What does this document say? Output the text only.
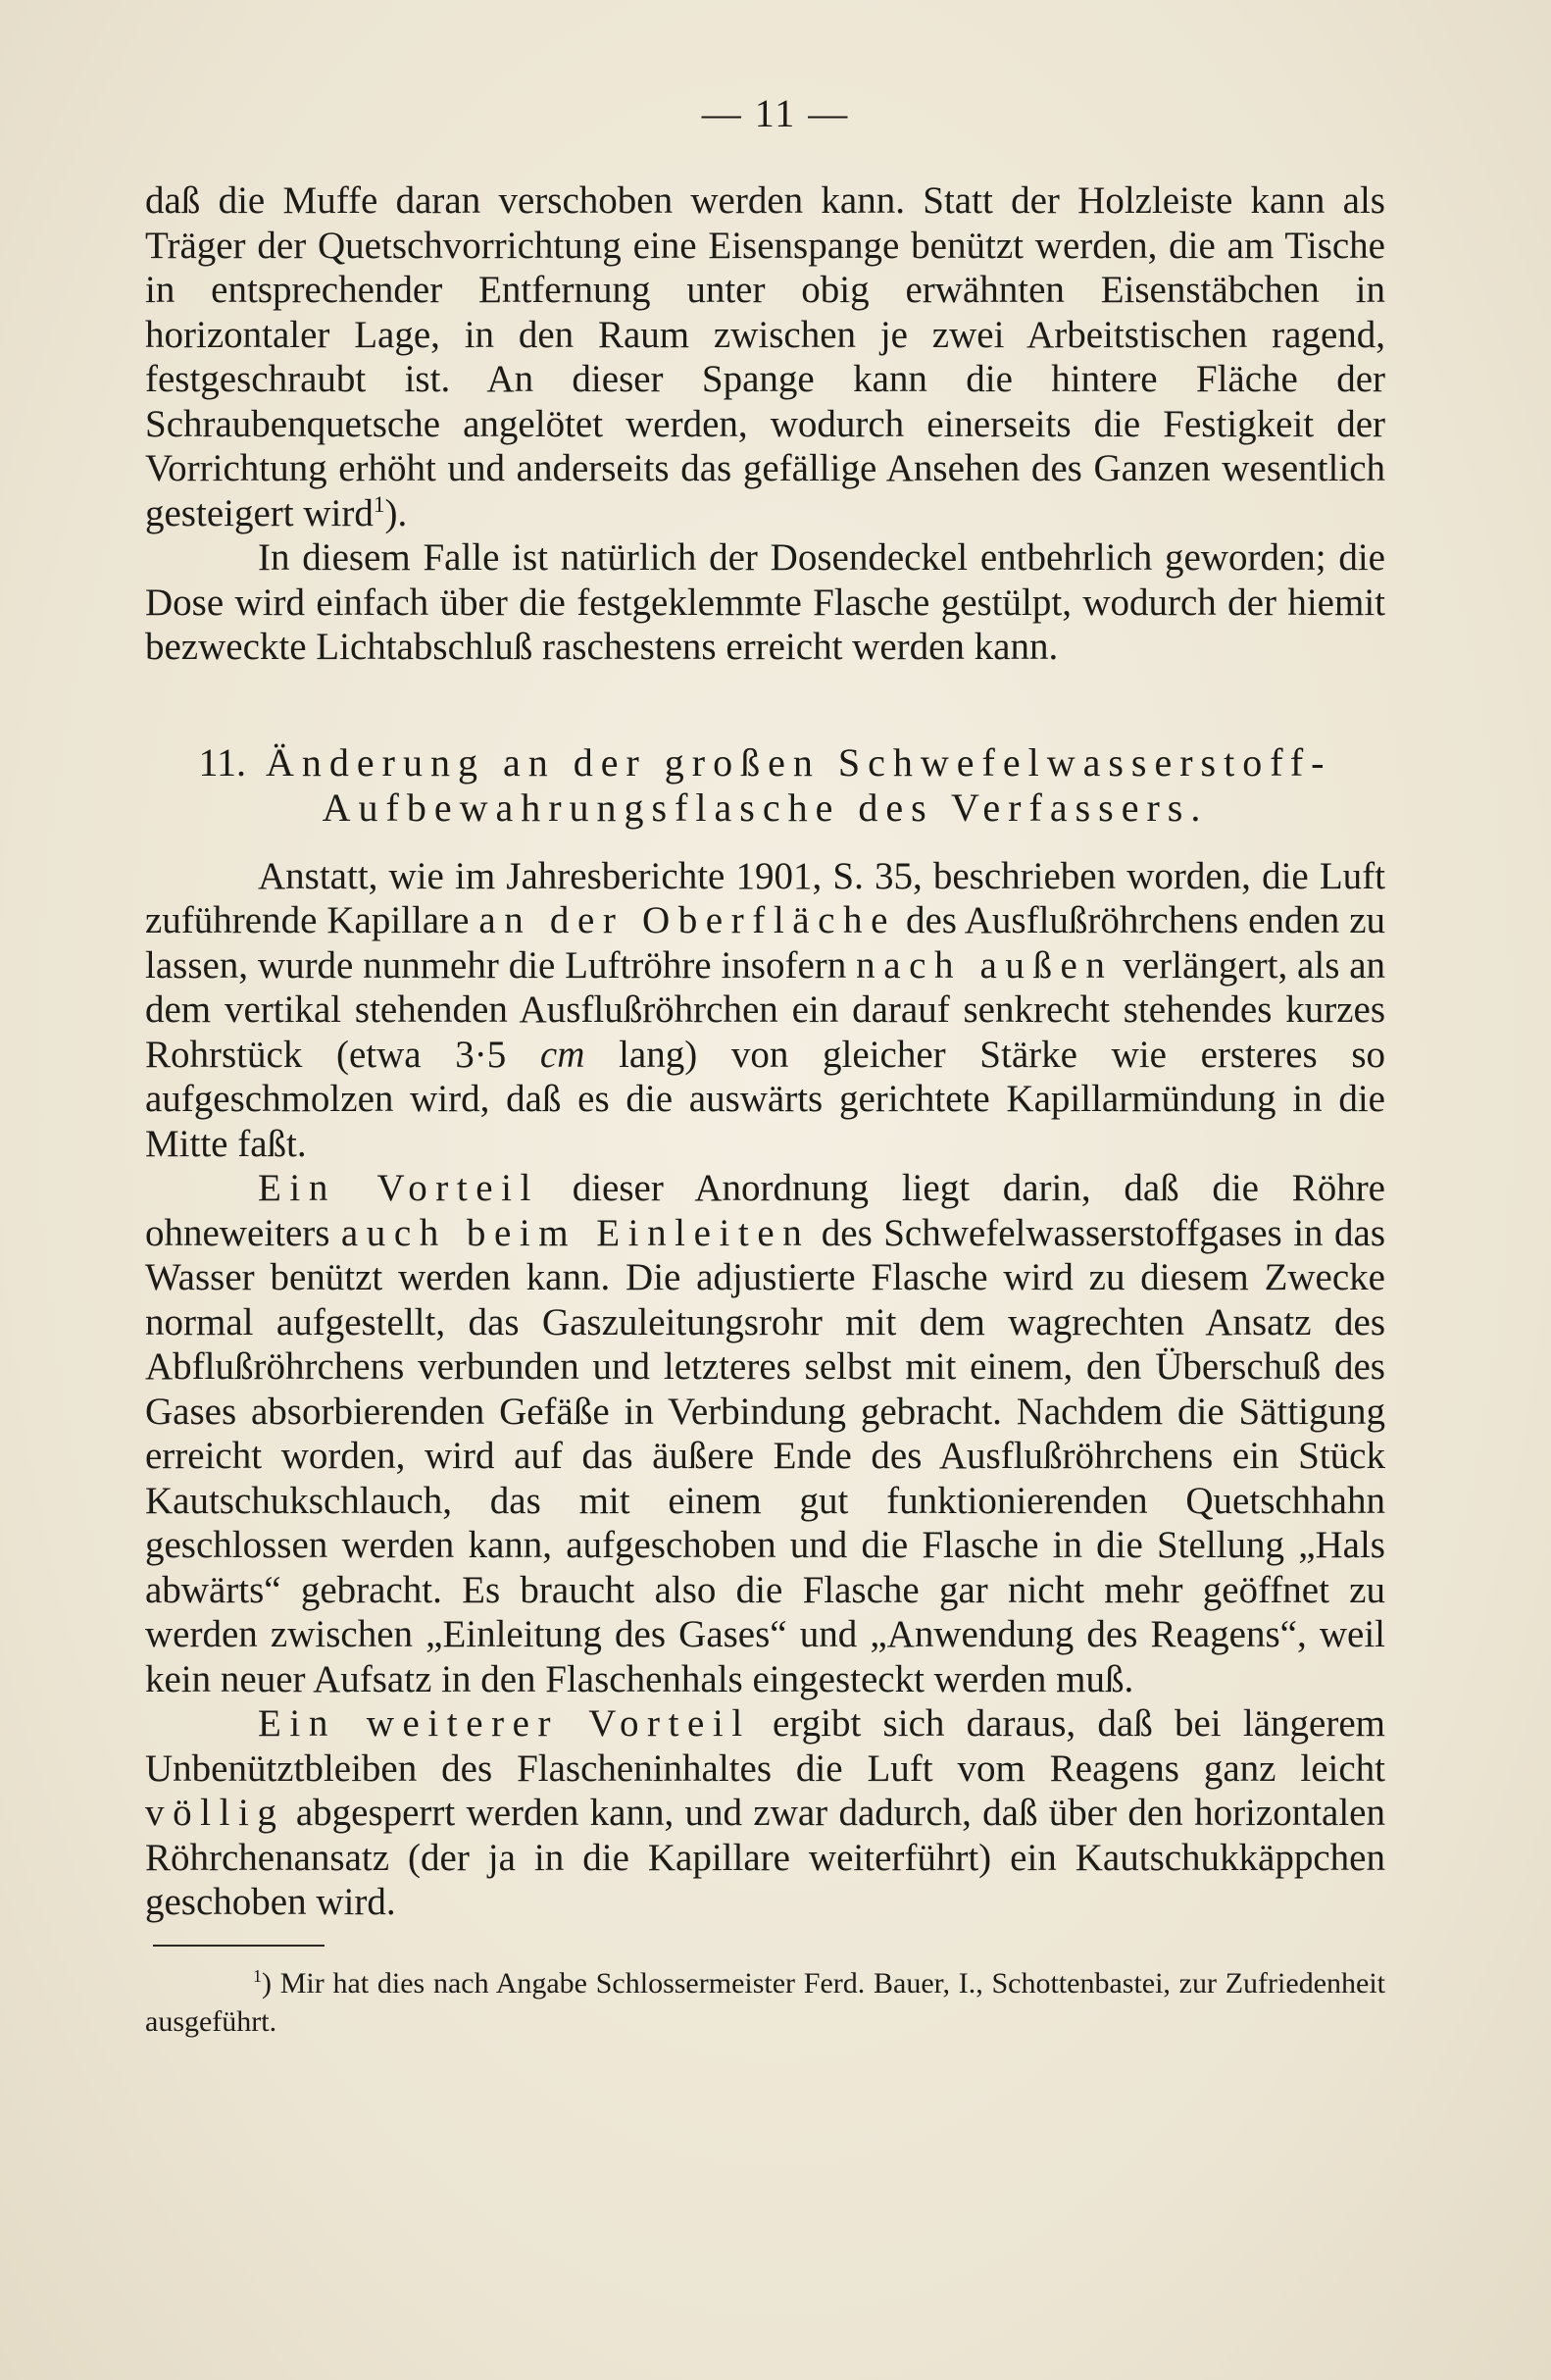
— 11 —

daß die Muffe daran verschoben werden kann. Statt der Holzleiste kann als Träger der Quetschvorrichtung eine Eisenspange benützt werden, die am Tische in entsprechender Entfernung unter obig erwähnten Eisenstäbchen in horizontaler Lage, in den Raum zwischen je zwei Arbeitstischen ragend, festgeschraubt ist. An dieser Spange kann die hintere Fläche der Schraubenquetsche angelötet werden, wodurch einerseits die Festigkeit der Vorrichtung erhöht und anderseits das gefällige Ansehen des Ganzen wesentlich gesteigert wird$^1$).

In diesem Falle ist natürlich der Dosendeckel entbehrlich geworden; die Dose wird einfach über die festgeklemmte Flasche gestülpt, wodurch der hiemit bezweckte Lichtabschluß raschestens erreicht werden kann.

11. Änderung an der großen Schwefelwasserstoff-
Aufbewahrungsflasche des Verfassers.

Anstatt, wie im Jahresberichte 1901, S. 35, beschrieben worden, die Luft zuführende Kapillare an der Oberfläche des Ausflußröhrchens enden zu lassen, wurde nunmehr die Luftröhre insofern nach außen verlängert, als an dem vertikal stehenden Ausflußröhrchen ein darauf senkrecht stehendes kurzes Rohrstück (etwa 3·5 cm lang) von gleicher Stärke wie ersteres so aufgeschmolzen wird, daß es die auswärts gerichtete Kapillarmündung in die Mitte faßt.

Ein Vorteil dieser Anordnung liegt darin, daß die Röhre ohneweiters auch beim Einleiten des Schwefelwasserstoffgases in das Wasser benützt werden kann. Die adjustierte Flasche wird zu diesem Zwecke normal aufgestellt, das Gaszuleitungsrohr mit dem wagrechten Ansatz des Abflußröhrchens verbunden und letzteres selbst mit einem, den Überschuß des Gases absorbierenden Gefäße in Verbindung gebracht. Nachdem die Sättigung erreicht worden, wird auf das äußere Ende des Ausflußröhrchens ein Stück Kautschukschlauch, das mit einem gut funktionierenden Quetschhahn geschlossen werden kann, aufgeschoben und die Flasche in die Stellung „Hals abwärts“ gebracht. Es braucht also die Flasche gar nicht mehr geöffnet zu werden zwischen „Einleitung des Gases“ und „Anwendung des Reagens“, weil kein neuer Aufsatz in den Flaschenhals eingesteckt werden muß.

Ein weiterer Vorteil ergibt sich daraus, daß bei längerem Unbenütztbleiben des Flascheninhaltes die Luft vom Reagens ganz leicht völlig abgesperrt werden kann, und zwar dadurch, daß über den horizontalen Röhrchenansatz (der ja in die Kapillare weiterführt) ein Kautschukkäppchen geschoben wird.

$^1$) Mir hat dies nach Angabe Schlossermeister Ferd. Bauer, I., Schottenbastei, zur Zufriedenheit ausgeführt.
